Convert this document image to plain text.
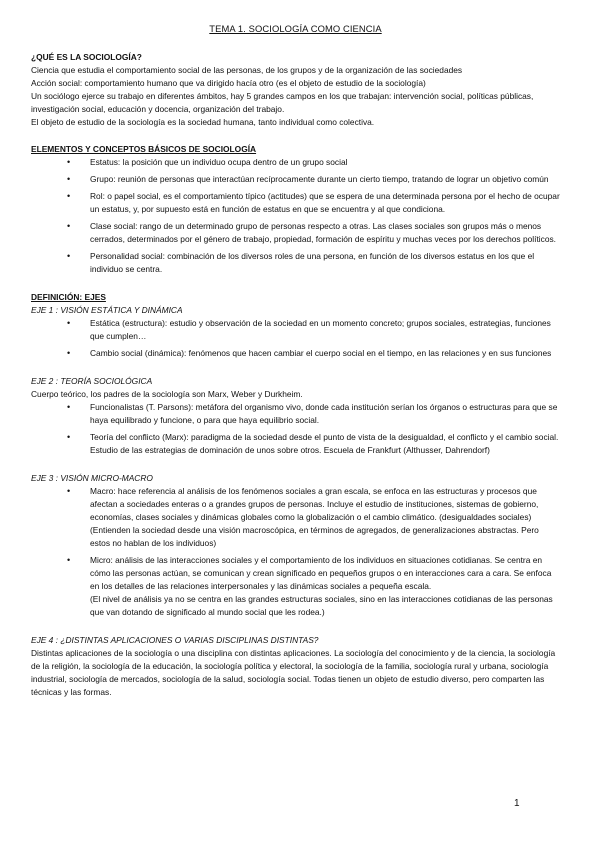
TEMA 1. SOCIOLOGÍA COMO CIENCIA

¿QUÉ ES LA SOCIOLOGÍA?

Ciencia que estudia el comportamiento social de las personas, de los grupos y de la organización de las sociedades

Acción social: comportamiento humano que va dirigido hacía otro (es el objeto de estudio de la sociología)

Un sociólogo ejerce su trabajo en diferentes ámbitos, hay 5 grandes campos en los que trabajan: intervención social, políticas públicas, investigación social, educación y docencia, organización del trabajo.

El objeto de estudio de la sociología es la sociedad humana, tanto individual como colectiva.

ELEMENTOS Y CONCEPTOS BÁSICOS DE SOCIOLOGÍA

• Estatus: la posición que un individuo ocupa dentro de un grupo social
• Grupo: reunión de personas que interactúan recíprocamente durante un cierto tiempo, tratando de lograr un objetivo común
• Rol: o papel social, es el comportamiento típico (actitudes) que se espera de una determinada persona por el hecho de ocupar un estatus, y, por supuesto está en función de estatus en que se encuentra y al que condiciona.
• Clase social: rango de un determinado grupo de personas respecto a otras. Las clases sociales son grupos más o menos cerrados, determinados por el género de trabajo, propiedad, formación de espíritu y muchas veces por los derechos políticos.
• Personalidad social: combinación de los diversos roles de una persona, en función de los diversos estatus en los que el individuo se centra.

DEFINICIÓN: EJES

EJE 1 : VISIÓN ESTÁTICA Y DINÁMICA

• Estática (estructura): estudio y observación de la sociedad en un momento concreto; grupos sociales, estrategias, funciones que cumplen…
• Cambio social (dinámica): fenómenos que hacen cambiar el cuerpo social en el tiempo, en las relaciones y en sus funciones

EJE 2 : TEORÍA SOCIOLÓGICA

Cuerpo teórico, los padres de la sociología son Marx, Weber y Durkheim.

• Funcionalistas (T. Parsons): metáfora del organismo vivo, donde cada institución serían los órganos o estructuras para que se haya equilibrado y funcione, o para que haya equilibrio social.
• Teoría del conflicto (Marx): paradigma de la sociedad desde el punto de vista de la desigualdad, el conflicto y el cambio social. Estudio de las estrategias de dominación de unos sobre otros. Escuela de Frankfurt (Althusser, Dahrendorf)

EJE 3 : VISIÓN MICRO-MACRO

• Macro: hace referencia al análisis de los fenómenos sociales a gran escala, se enfoca en las estructuras y procesos que afectan a sociedades enteras o a grandes grupos de personas. Incluye el estudio de instituciones, sistemas de gobierno, economías, clases sociales y dinámicas globales como la globalización o el cambio climático. (desigualdades sociales)
(Entienden la sociedad desde una visión macroscópica, en términos de agregados, de generalizaciones abstractas. Pero estos no hablan de los individuos)
• Micro: análisis de las interacciones sociales y el comportamiento de los individuos en situaciones cotidianas. Se centra en cómo las personas actúan, se comunican y crean significado en pequeños grupos o en interacciones cara a cara. Se enfoca en los detalles de las relaciones interpersonales y las dinámicas sociales a pequeña escala.
(El nivel de análisis ya no se centra en las grandes estructuras sociales, sino en las interacciones cotidianas de las personas que van dotando de significado al mundo social que les rodea.)

EJE 4 : ¿DISTINTAS APLICACIONES O VARIAS DISCIPLINAS DISTINTAS?

Distintas aplicaciones de la sociología o una disciplina con distintas aplicaciones. La sociología del conocimiento y de la ciencia, la sociología de la religión, la sociología de la educación, la sociología política y electoral, la sociología de la familia, sociología rural y urbana, sociología industrial, sociología de mercados, sociología de la salud, sociología social. Todas tienen un objeto de estudio diverso, pero comparten las técnicas y las formas.

1
